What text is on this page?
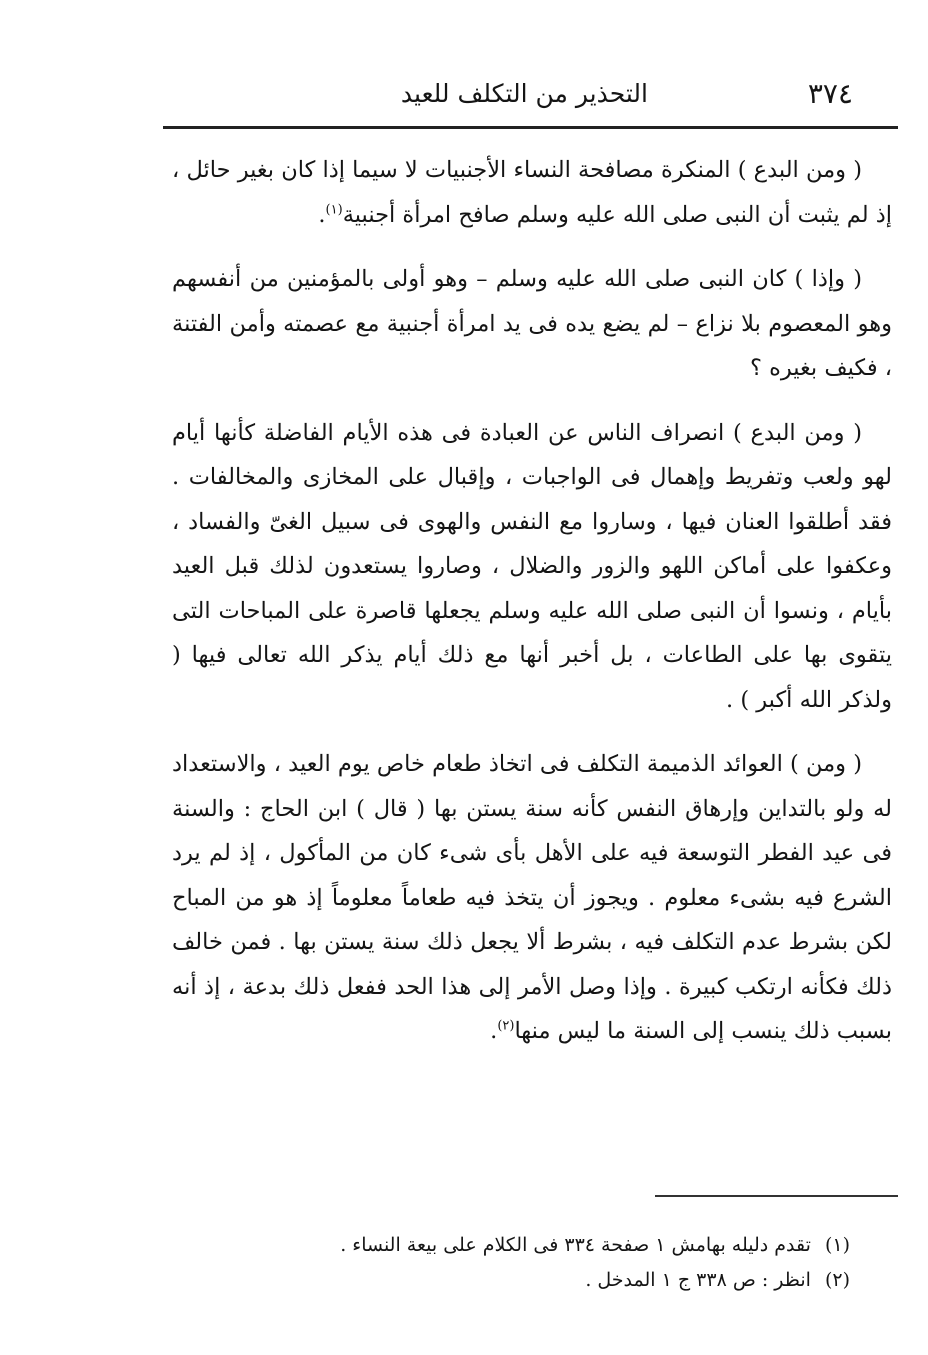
٣٧٤
التحذير من التكلف للعيد

( ومن البدع ) المنكرة مصافحة النساء الأجنبيات لا سيما إذا كان بغير حائل ، إذ لم يثبت أن النبى صلى الله عليه وسلم صافح امرأة أجنبية$^{(١)}$.

( وإذا ) كان النبى صلى الله عليه وسلم – وهو أولى بالمؤمنين من أنفسهم وهو المعصوم بلا نزاع – لم يضع يده فى يد امرأة أجنبية مع عصمته وأمن الفتنة ، فكيف بغيره ؟

( ومن البدع ) انصراف الناس عن العبادة فى هذه الأيام الفاضلة كأنها أيام لهو ولعب وتفريط وإهمال فى الواجبات ، وإقبال على المخازى والمخالفات . فقد أطلقوا العنان فيها ، وساروا مع النفس والهوى فى سبيل الغىّ والفساد ، وعكفوا على أماكن اللهو والزور والضلال ، وصاروا يستعدون لذلك قبل العيد بأيام ، ونسوا أن النبى صلى الله عليه وسلم يجعلها قاصرة على المباحات التى يتقوى بها على الطاعات ، بل أخبر أنها مع ذلك أيام يذكر الله تعالى فيها ( ولذكر الله أكبر ) .

( ومن ) العوائد الذميمة التكلف فى اتخاذ طعام خاص يوم العيد ، والاستعداد له ولو بالتداين وإرهاق النفس كأنه سنة يستن بها ( قال ) ابن الحاج : والسنة فى عيد الفطر التوسعة فيه على الأهل بأى شىء كان من المأكول ، إذ لم يرد الشرع فيه بشىء معلوم . ويجوز أن يتخذ فيه طعاماً معلوماً إذ هو من المباح لكن بشرط عدم التكلف فيه ، بشرط ألا يجعل ذلك سنة يستن بها . فمن خالف ذلك فكأنه ارتكب كبيرة . وإذا وصل الأمر إلى هذا الحد ففعل ذلك بدعة ، إذ أنه بسبب ذلك ينسب إلى السنة ما ليس منها$^{(٢)}$.

(١)تقدم دليله بهامش ١ صفحة ٣٣٤ فى الكلام على بيعة النساء .
(٢)انظر : ص ٣٣٨ ج ١ المدخل .
